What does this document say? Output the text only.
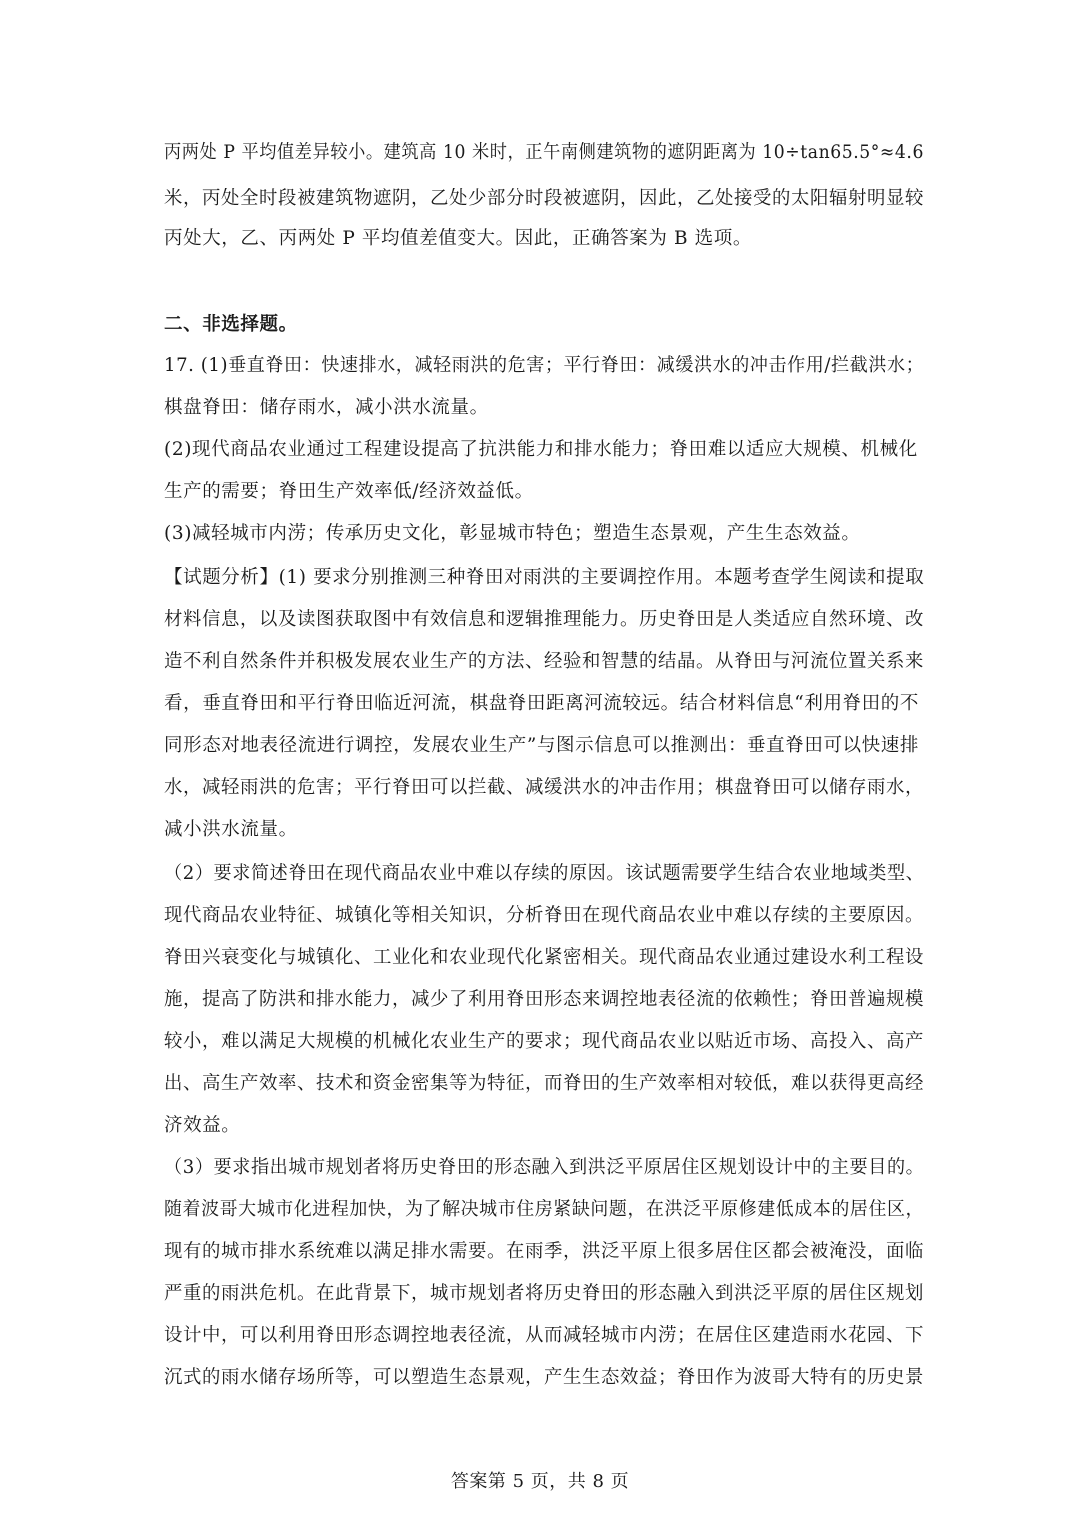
丙两处 P 平均值差异较小。建筑高 10 米时，正午南侧建筑物的遮阴距离为 10÷tan65.5°≈4.6
米，丙处全时段被建筑物遮阴，乙处少部分时段被遮阴，因此，乙处接受的太阳辐射明显较
丙处大，乙、丙两处 P 平均值差值变大。因此，正确答案为 B 选项。
二、非选择题。
17. (1)垂直脊田：快速排水，减轻雨洪的危害；平行脊田：减缓洪水的冲击作用/拦截洪水；
棋盘脊田：储存雨水，减小洪水流量。
(2)现代商品农业通过工程建设提高了抗洪能力和排水能力；脊田难以适应大规模、机械化
生产的需要；脊田生产效率低/经济效益低。
(3)减轻城市内涝；传承历史文化，彰显城市特色；塑造生态景观，产生生态效益。
【试题分析】(1) 要求分别推测三种脊田对雨洪的主要调控作用。本题考查学生阅读和提取
材料信息，以及读图获取图中有效信息和逻辑推理能力。历史脊田是人类适应自然环境、改
造不利自然条件并积极发展农业生产的方法、经验和智慧的结晶。从脊田与河流位置关系来
看，垂直脊田和平行脊田临近河流，棋盘脊田距离河流较远。结合材料信息“利用脊田的不
同形态对地表径流进行调控，发展农业生产”与图示信息可以推测出：垂直脊田可以快速排
水，减轻雨洪的危害；平行脊田可以拦截、减缓洪水的冲击作用；棋盘脊田可以储存雨水，
减小洪水流量。
（2）要求简述脊田在现代商品农业中难以存续的原因。该试题需要学生结合农业地域类型、
现代商品农业特征、城镇化等相关知识，分析脊田在现代商品农业中难以存续的主要原因。
脊田兴衰变化与城镇化、工业化和农业现代化紧密相关。现代商品农业通过建设水利工程设
施，提高了防洪和排水能力，减少了利用脊田形态来调控地表径流的依赖性；脊田普遍规模
较小，难以满足大规模的机械化农业生产的要求；现代商品农业以贴近市场、高投入、高产
出、高生产效率、技术和资金密集等为特征，而脊田的生产效率相对较低，难以获得更高经
济效益。
（3）要求指出城市规划者将历史脊田的形态融入到洪泛平原居住区规划设计中的主要目的。
随着波哥大城市化进程加快，为了解决城市住房紧缺问题，在洪泛平原修建低成本的居住区，
现有的城市排水系统难以满足排水需要。在雨季，洪泛平原上很多居住区都会被淹没，面临
严重的雨洪危机。在此背景下，城市规划者将历史脊田的形态融入到洪泛平原的居住区规划
设计中，可以利用脊田形态调控地表径流，从而减轻城市内涝；在居住区建造雨水花园、下
沉式的雨水储存场所等，可以塑造生态景观，产生生态效益；脊田作为波哥大特有的历史景
答案第 5 页，共 8 页
